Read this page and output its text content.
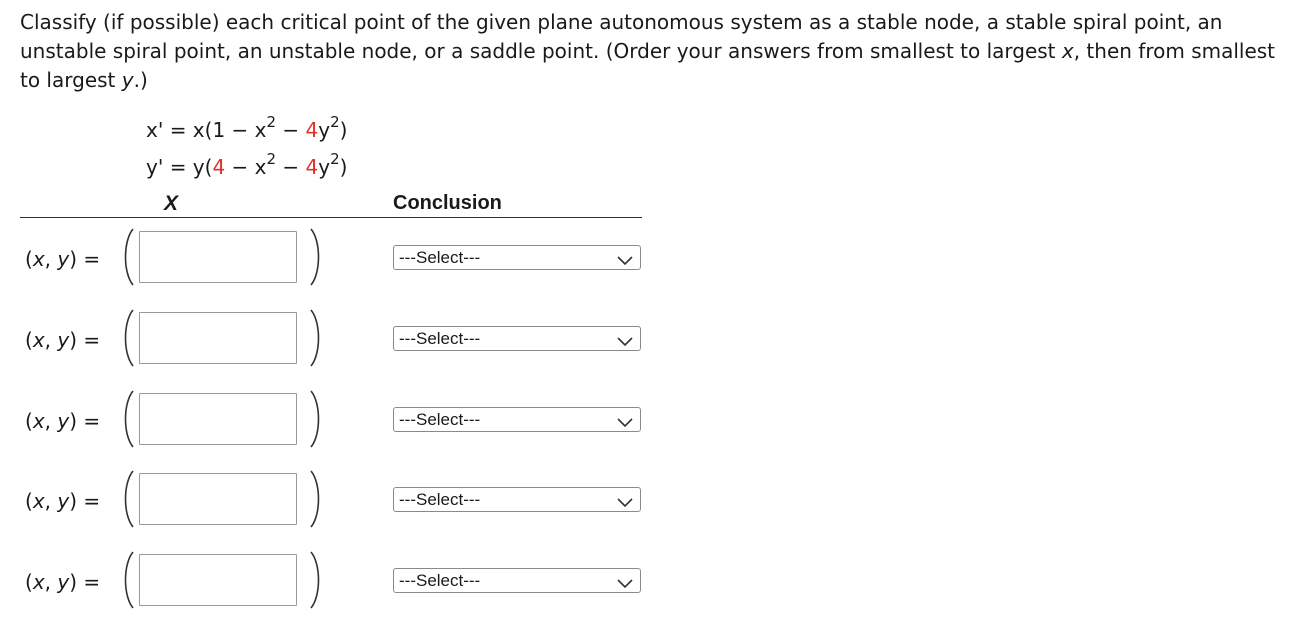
Classify (if possible) each critical point of the given plane autonomous system as a stable node, a stable spiral point, an unstable spiral point, an unstable node, or a saddle point. (Order your answers from smallest to largest x, then from smallest to largest y.)
$x' = x(1 - x^2 - 4y^2)$
$y' = y(4 - x^2 - 4y^2)$
X	Conclusion
(x, y) =	---Select---
(x, y) =	---Select---
(x, y) =	---Select---
(x, y) =	---Select---
(x, y) =	---Select---
